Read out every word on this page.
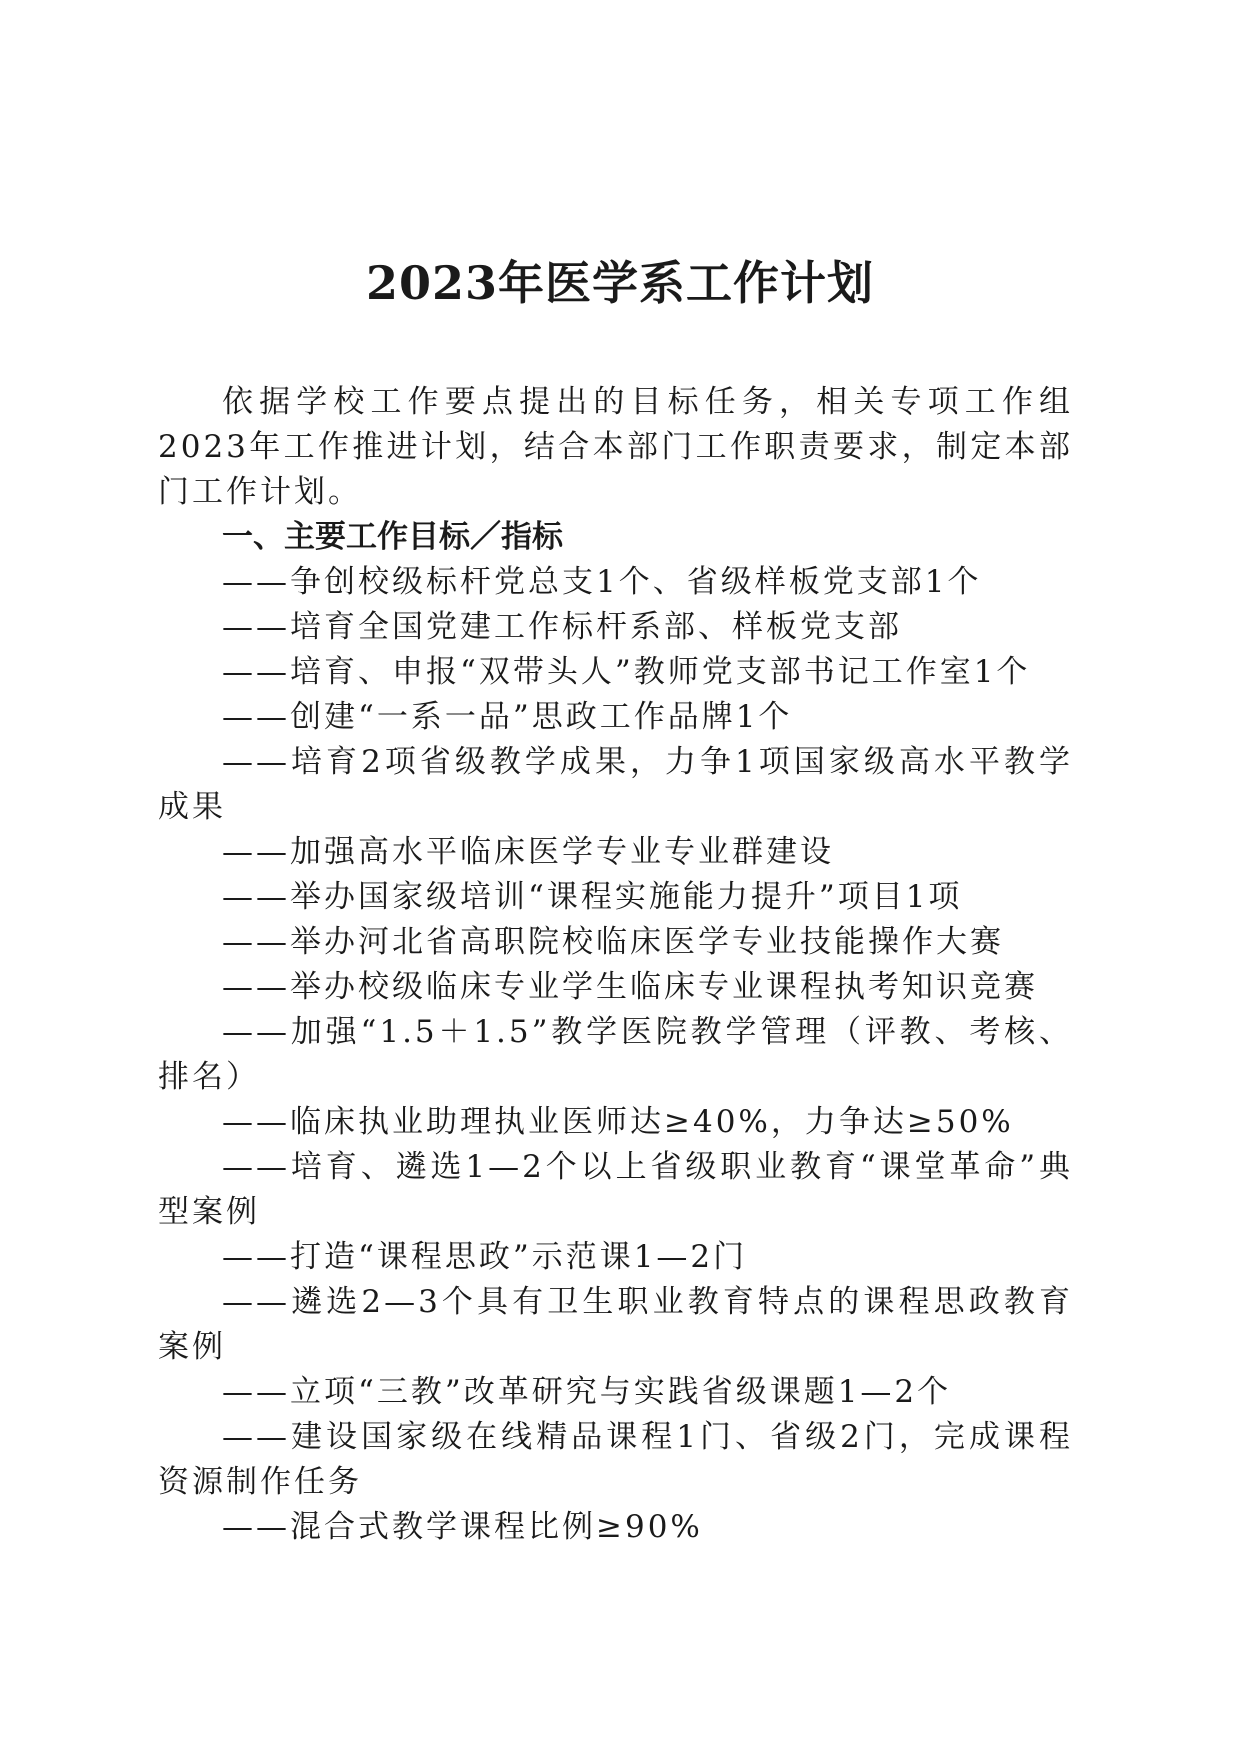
2023年医学系工作计划

依据学校工作要点提出的目标任务，相关专项工作组2023年工作推进计划，结合本部门工作职责要求，制定本部门工作计划。

一、主要工作目标／指标
——争创校级标杆党总支1个、省级样板党支部1个
——培育全国党建工作标杆系部、样板党支部
——培育、申报“双带头人”教师党支部书记工作室1个
——创建“一系一品”思政工作品牌1个
——培育2项省级教学成果，力争1项国家级高水平教学成果
——加强高水平临床医学专业专业群建设
——举办国家级培训“课程实施能力提升”项目1项
——举办河北省高职院校临床医学专业技能操作大赛
——举办校级临床专业学生临床专业课程执考知识竞赛
——加强“1.5＋1.5”教学医院教学管理（评教、考核、排名）
——临床执业助理执业医师达≥40%，力争达≥50%
——培育、遴选1—2个以上省级职业教育“课堂革命”典型案例
——打造“课程思政”示范课1—2门
——遴选2—3个具有卫生职业教育特点的课程思政教育案例
——立项“三教”改革研究与实践省级课题1—2个
——建设国家级在线精品课程1门、省级2门，完成课程资源制作任务
——混合式教学课程比例≥90%
